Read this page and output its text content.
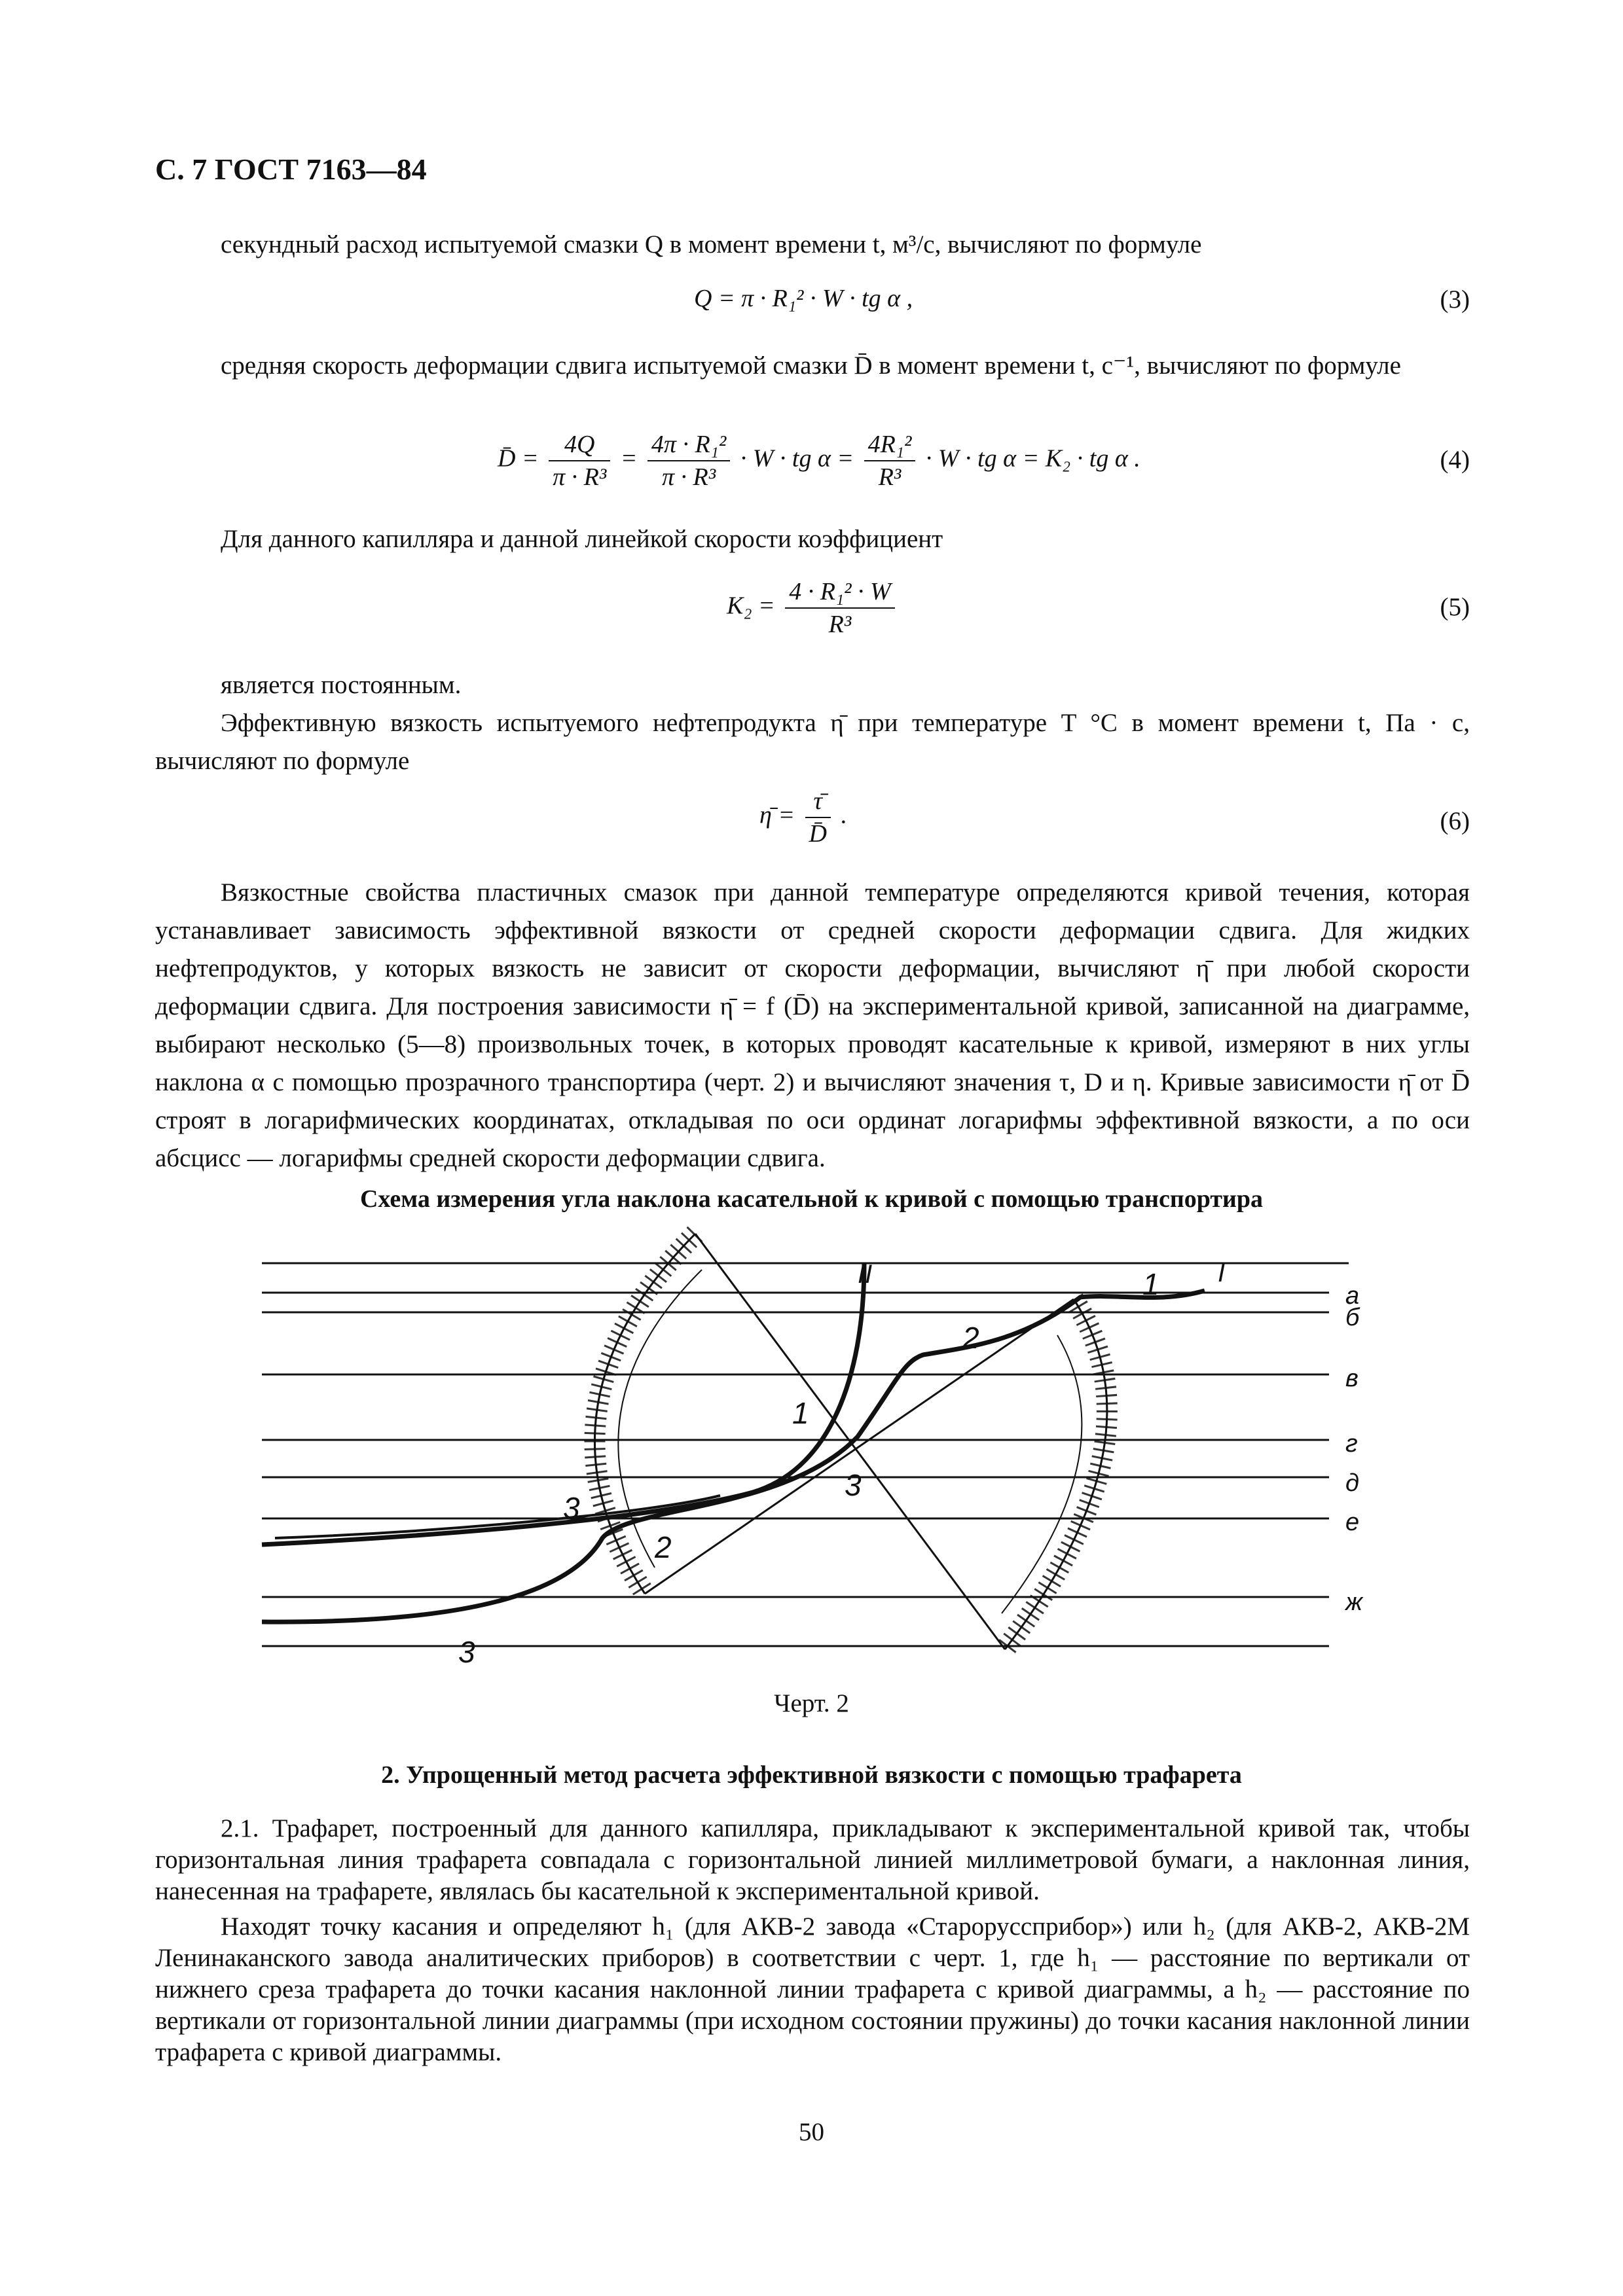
С. 7 ГОСТ 7163—84
секундный расход испытуемой смазки Q в момент времени t, м³/с, вычисляют по формуле
Q = π · R₁² · W · tg α ,	(3)
средняя скорость деформации сдвига испытуемой смазки D̄ в момент времени t, с⁻¹, вычисляют по формуле
D̄ = $\frac{4Q}{\text{π · R³}} = \frac{\text{4π · R₁²}}{\text{π · R³}} \cdot W$ · tg $\alpha = \frac{\text{4R₁²}}{\text{R³}} \cdot W$ · tg α = K₂ · tg α .	(4)
Для данного капилляра и данной линейкой скорости коэффициент
$K_2 = \frac{\text{4 · R₁² · W}}{\text{R³}}$	(5)
является постоянным.
Эффективную вязкость испытуемого нефтепродукта η̄ при температуре T °С в момент времени t, Па · с, вычисляют по формуле
η̄ = $\frac{\taū}{D̄}$ .	(6)
Вязкостные свойства пластичных смазок при данной температуре определяются кривой течения, которая устанавливает зависимость эффективной вязкости от средней скорости деформации сдвига. Для жидких нефтепродуктов, у которых вязкость не зависит от скорости деформации, вычисляют η̄ при любой скорости деформации сдвига. Для построения зависимости η̄ = f (D̄) на экспериментальной кривой, записанной на диаграмме, выбирают несколько (5—8) произвольных точек, в которых проводят касательные к кривой, измеряют в них углы наклона α с помощью прозрачного транспортира (черт. 2) и вычисляют значения τ, D и η. Кривые зависимости η̄ от D̄ строят в логарифмических координатах, откладывая по оси ординат логарифмы эффективной вязкости, а по оси абсцисс — логарифмы средней скорости деформации сдвига.
Схема измерения угла наклона касательной к кривой с помощью транспортира
а
б
в
г
д
е
ж
II	I
1
2
3
1
2
3
3
Черт. 2
2. Упрощенный метод расчета эффективной вязкости с помощью трафарета
2.1. Трафарет, построенный для данного капилляра, прикладывают к экспериментальной кривой так, чтобы горизонтальная линия трафарета совпадала с горизонтальной линией миллиметровой бумаги, а наклонная линия, нанесенная на трафарете, являлась бы касательной к экспериментальной кривой.
Находят точку касания и определяют h₁ (для АКВ-2 завода «Староруссприбор») или h₂ (для АКВ-2, АКВ-2М Ленинаканского завода аналитических приборов) в соответствии с черт. 1, где h₁ — расстояние по вертикали от нижнего среза трафарета до точки касания наклонной линии трафарета с кривой диаграммы, а h₂ — расстояние по вертикали от горизонтальной линии диаграммы (при исходном состоянии пружины) до точки касания наклонной линии трафарета с кривой диаграммы.
50
